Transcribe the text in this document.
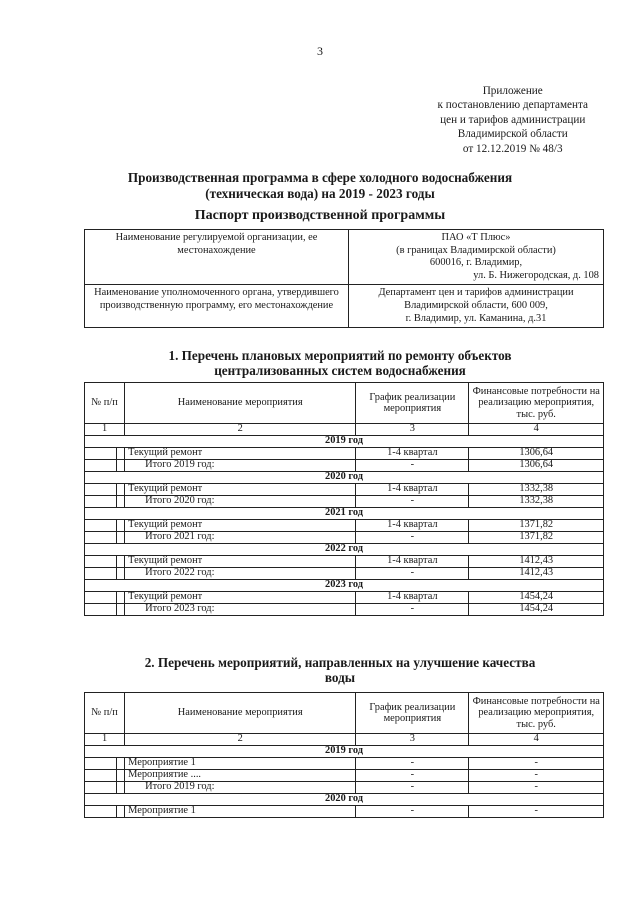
3
Приложение
к постановлению департамента
цен и тарифов администрации
Владимирской области
от 12.12.2019 № 48/3
Производственная программа в сфере холодного водоснабжения
(техническая вода) на 2019 - 2023 годы
Паспорт производственной программы
Наименование регулируемой организации, ее местонахождение	ПАО «Т Плюс»
(в границах Владимирской области)
600016, г. Владимир,
ул. Б. Нижегородская, д. 108

Наименование уполномоченного органа, утвердившего производственную программу, его местонахождение	Департамент цен и тарифов администрации
Владимирской области, 600 009,
г. Владимир, ул. Каманина, д.31
1. Перечень плановых мероприятий по ремонту объектов
централизованных систем водоснабжения
№ п/п		Наименование мероприятия	График реализации мероприятия	Финансовые потребности на реализацию мероприятия, тыс. руб.
1		2	3	4
2019 год				
		Текущий ремонт	1-4 квартал	1306,64
		Итого 2019 год:	-	1306,64
2020 год				
		Текущий ремонт	1-4 квартал	1332,38
		Итого 2020 год:	-	1332,38
2021 год				
		Текущий ремонт	1-4 квартал	1371,82
		Итого 2021 год:	-	1371,82
2022 год				
		Текущий ремонт	1-4 квартал	1412,43
		Итого 2022 год:	-	1412,43
2023 год				
		Текущий ремонт	1-4 квартал	1454,24
		Итого 2023 год:	-	1454,24
2. Перечень мероприятий, направленных на улучшение качества
воды
№ п/п		Наименование мероприятия	График реализации мероприятия	Финансовые потребности на реализацию мероприятия, тыс. руб.
1		2	3	4
2019 год				
		Мероприятие 1	-	-
		Мероприятие ....	-	-
		Итого 2019 год:	-	-
2020 год				
		Мероприятие 1	-	-
